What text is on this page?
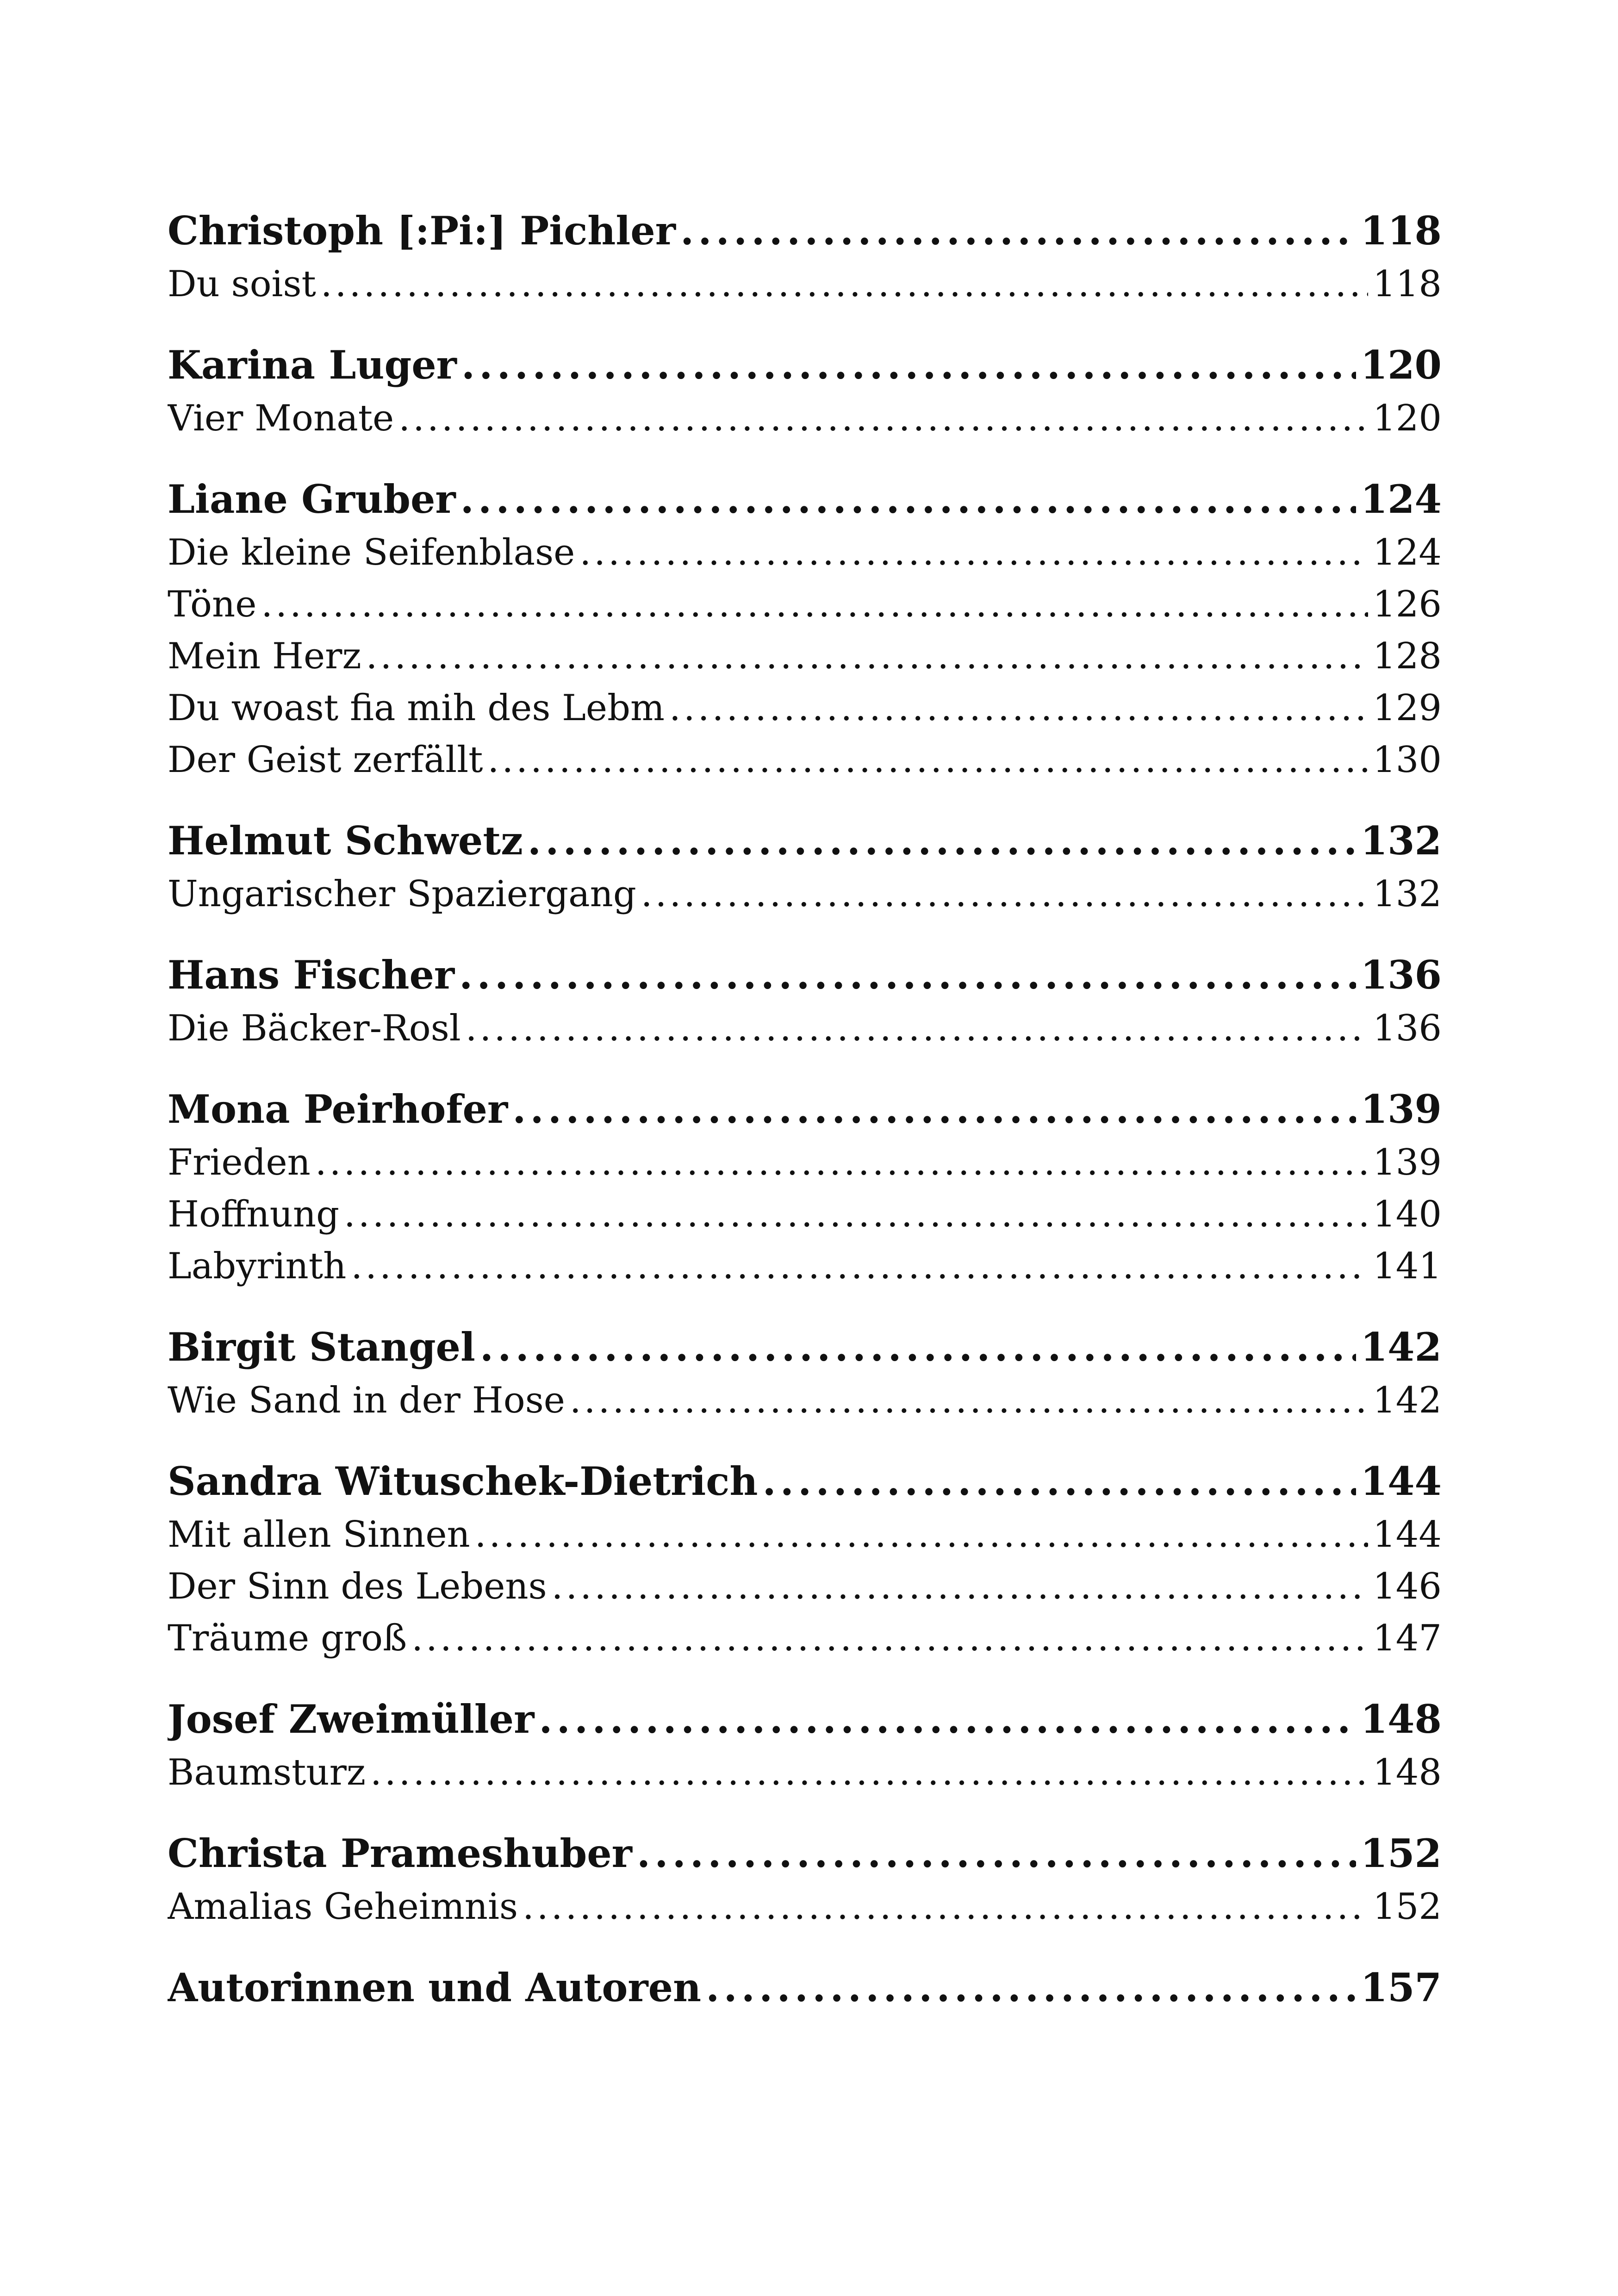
Christoph [:Pi:] Pichler . . .	118
Du soist . . .	118
Karina Luger . . .	120
Vier Monate . . .	120
Liane Gruber . . .	124
Die kleine Seifenblase . . .	124
Töne . . .	126
Mein Herz . . .	128
Du woast fia mih des Lebm . . .	129
Der Geist zerfällt . . .	130
Helmut Schwetz . . .	132
Ungarischer Spaziergang . . .	132
Hans Fischer . . .	136
Die Bäcker-Rosl . . .	136
Mona Peirhofer . . .	139
Frieden . . .	139
Hoffnung . . .	140
Labyrinth . . .	141
Birgit Stangel . . .	142
Wie Sand in der Hose . . .	142
Sandra Wituschek-Dietrich . . .	144
Mit allen Sinnen . . .	144
Der Sinn des Lebens . . .	146
Träume groß . . .	147
Josef Zweimüller . . .	148
Baumsturz . . .	148
Christa Prameshuber . . .	152
Amalias Geheimnis . . .	152
Autorinnen und Autoren . . .	157
